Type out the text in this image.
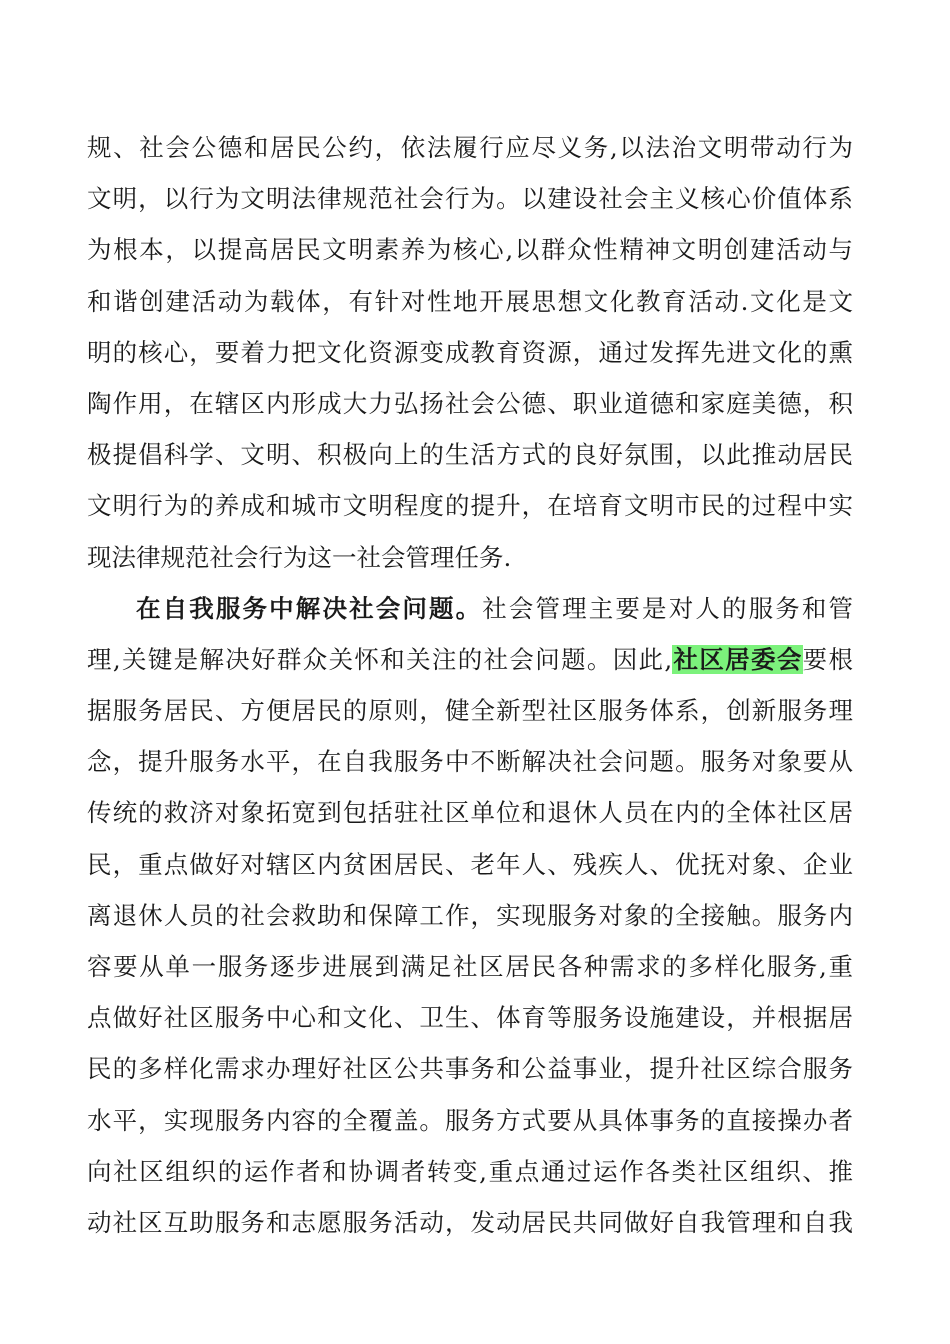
规、社会公德和居民公约，依法履行应尽义务,以法治文明带动行为
文明，以行为文明法律规范社会行为。以建设社会主义核心价值体系
为根本，以提高居民文明素养为核心,以群众性精神文明创建活动与
和谐创建活动为载体，有针对性地开展思想文化教育活动.文化是文
明的核心，要着力把文化资源变成教育资源，通过发挥先进文化的熏
陶作用，在辖区内形成大力弘扬社会公德、职业道德和家庭美德，积
极提倡科学、文明、积极向上的生活方式的良好氛围，以此推动居民
文明行为的养成和城市文明程度的提升，在培育文明市民的过程中实
现法律规范社会行为这一社会管理任务.
在自我服务中解决社会问题。社会管理主要是对人的服务和管
理,关键是解决好群众关怀和关注的社会问题。因此,社区居委会要根
据服务居民、方便居民的原则，健全新型社区服务体系，创新服务理
念，提升服务水平，在自我服务中不断解决社会问题。服务对象要从
传统的救济对象拓宽到包括驻社区单位和退休人员在内的全体社区居
民，重点做好对辖区内贫困居民、老年人、残疾人、优抚对象、企业
离退休人员的社会救助和保障工作，实现服务对象的全接触。服务内
容要从单一服务逐步进展到满足社区居民各种需求的多样化服务,重
点做好社区服务中心和文化、卫生、体育等服务设施建设，并根据居
民的多样化需求办理好社区公共事务和公益事业，提升社区综合服务
水平，实现服务内容的全覆盖。服务方式要从具体事务的直接操办者
向社区组织的运作者和协调者转变,重点通过运作各类社区组织、推
动社区互助服务和志愿服务活动，发动居民共同做好自我管理和自我
